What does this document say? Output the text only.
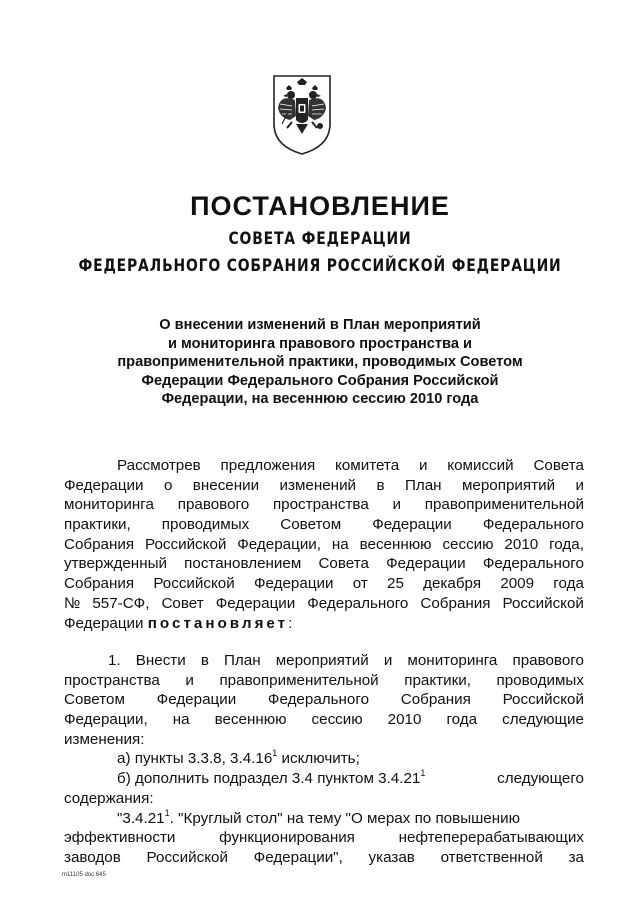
ПОСТАНОВЛЕНИЕ
СОВЕТА ФЕДЕРАЦИИ
ФЕДЕРАЛЬНОГО СОБРАНИЯ РОССИЙСКОЙ ФЕДЕРАЦИИ
О внесении изменений в План мероприятий
и мониторинга правового пространства и
правоприменительной практики, проводимых Советом
Федерации Федерального Собрания Российской
Федерации, на весеннюю сессию 2010 года
Рассмотрев предложения комитета и комиссий Совета
Федерации о внесении изменений в План мероприятий и
мониторинга правового пространства и правоприменительной
практики, проводимых Советом Федерации Федерального
Собрания Российской Федерации, на весеннюю сессию 2010 года,
утвержденный постановлением Совета Федерации Федерального
Собрания Российской Федерации от 25 декабря 2009 года
№ 557-СФ, Совет Федерации Федерального Собрания Российской
Федерации постановляет:
1. Внести в План мероприятий и мониторинга правового
пространства и правоприменительной практики, проводимых
Советом Федерации Федерального Собрания Российской
Федерации, на весеннюю сессию 2010 года следующие
изменения:
а) пункты 3.3.8, 3.4.16$^1$ исключить;
б) дополнить подраздел 3.4 пунктом 3.4.21$^1$	следующего
содержания:
"3.4.21$^1$. "Круглый стол" на тему "О мерах по повышению
эффективности	функционирования	нефтеперерабатывающих
заводов Российской Федерации", указав ответственной за
m11105 doc 645
